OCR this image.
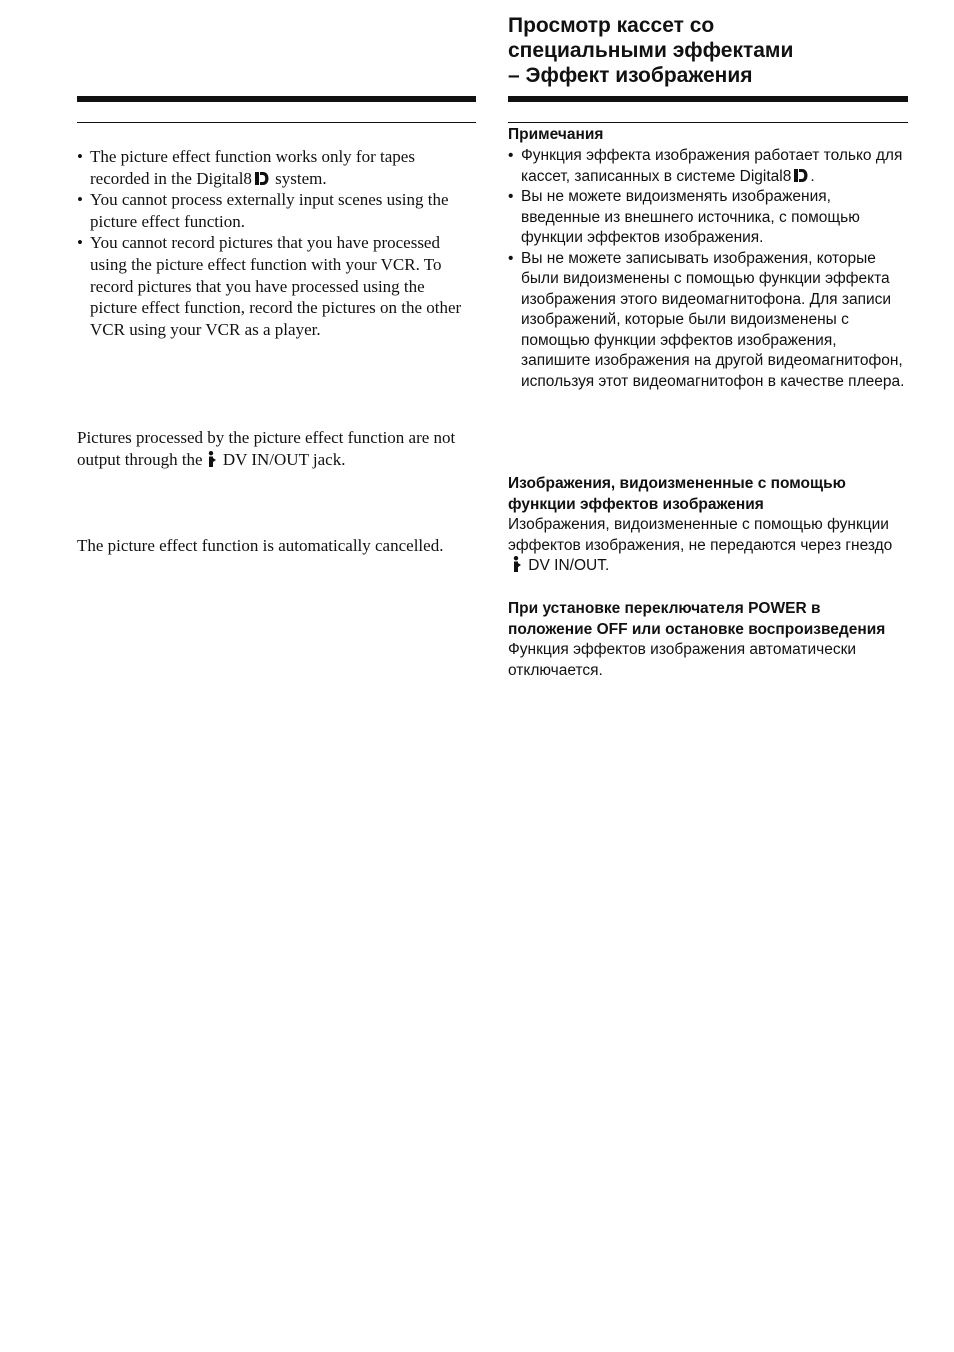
• The picture effect function works only for tapes recorded in the Digital8 system.
• You cannot process externally input scenes using the picture effect function.
• You cannot record pictures that you have processed using the picture effect function with your VCR. To record pictures that you have processed using the picture effect function, record the pictures on the other VCR using your VCR as a player.

Pictures processed by the picture effect function are not output through the DV IN/OUT jack.

The picture effect function is automatically cancelled.

Просмотр кассет со
специальными эффектами
– Эффект изображения

Примечания

• Функция эффекта изображения работает только для кассет, записанных в системе Digital8 .
• Вы не можете видоизменять изображения, введенные из внешнего источника, с помощью функции эффектов изображения.
• Вы не можете записывать изображения, которые были видоизменены с помощью функции эффекта изображения этого видеомагнитофона. Для записи изображений, которые были видоизменены с помощью функции эффектов изображения, запишите изображения на другой видеомагнитофон, используя этот видеомагнитофон в качестве плеера.

Изображения, видоизмененные с помощью функции эффектов изображения

Изображения, видоизмененные с помощью функции эффектов изображения, не передаются через гнездо DV IN/OUT.

При установке переключателя POWER в положение OFF или остановке воспроизведения

Функция эффектов изображения автоматически отключается.
